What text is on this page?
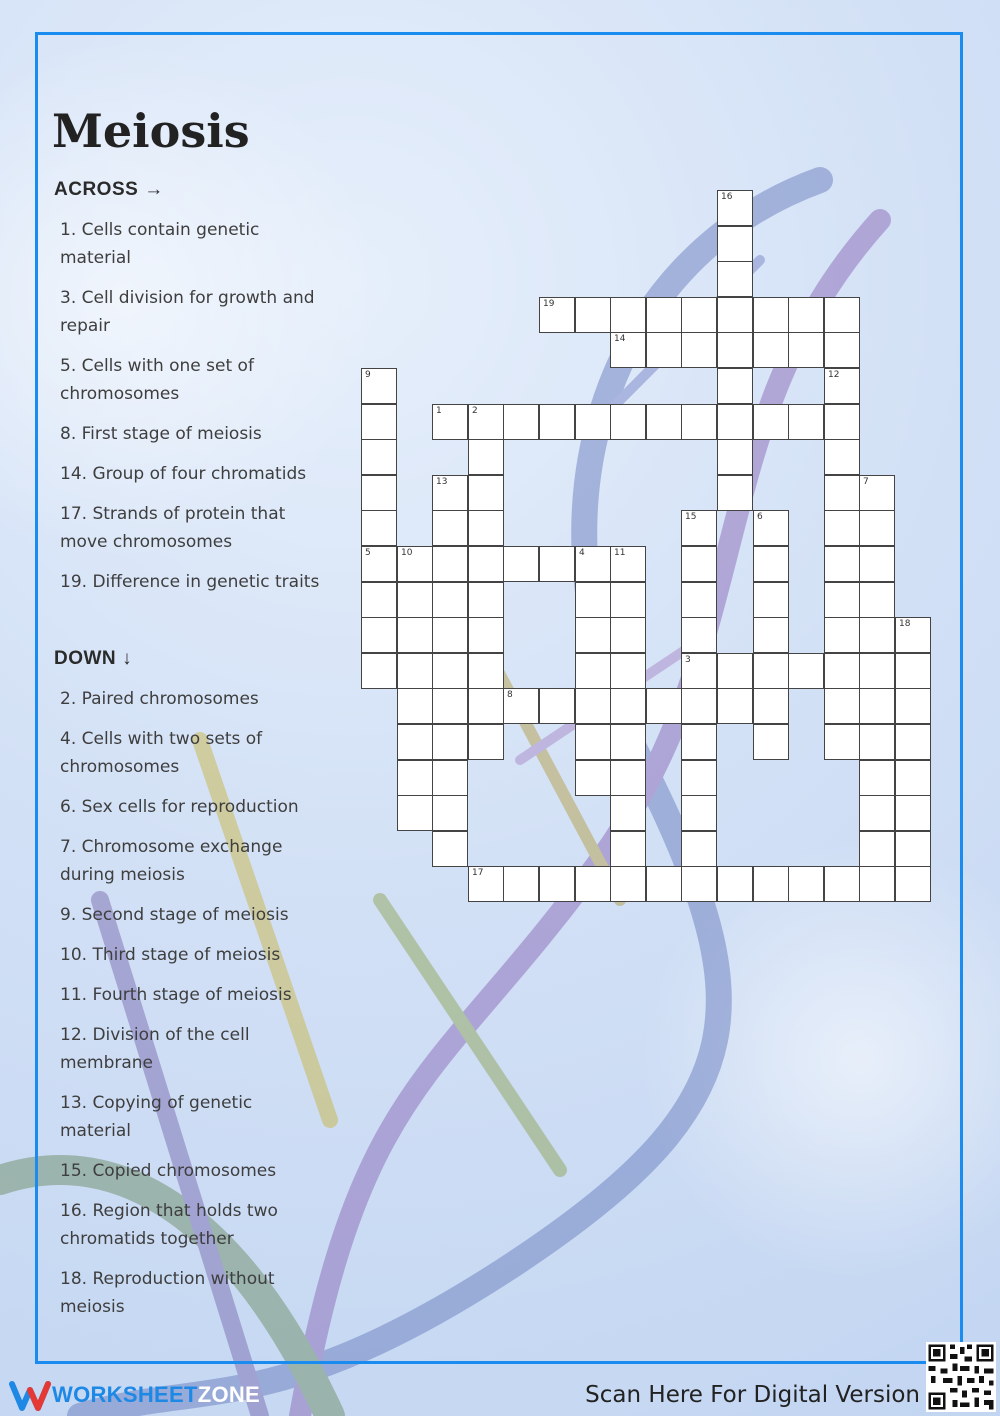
Meiosis
ACROSS →
1. Cells contain genetic material
3. Cell division for growth and repair
5. Cells with one set of chromosomes
8. First stage of meiosis
14. Group of four chromatids
17. Strands of protein that move chromosomes
19. Difference in genetic traits
DOWN ↓
2. Paired chromosomes
4. Cells with two sets of chromosomes
6. Sex cells for reproduction
7. Chromosome exchange during meiosis
9. Second stage of meiosis
10. Third stage of meiosis
11. Fourth stage of meiosis
12. Division of the cell membrane
13. Copying of genetic material
15. Copied chromosomes
16. Region that holds two chromatids together
18. Reproduction without meiosis
16
19
14
9
5
12
1	2
13	7
15
3
6
10	4	11
18
8
17
WORKSHEETZONE	Scan Here For Digital Version
